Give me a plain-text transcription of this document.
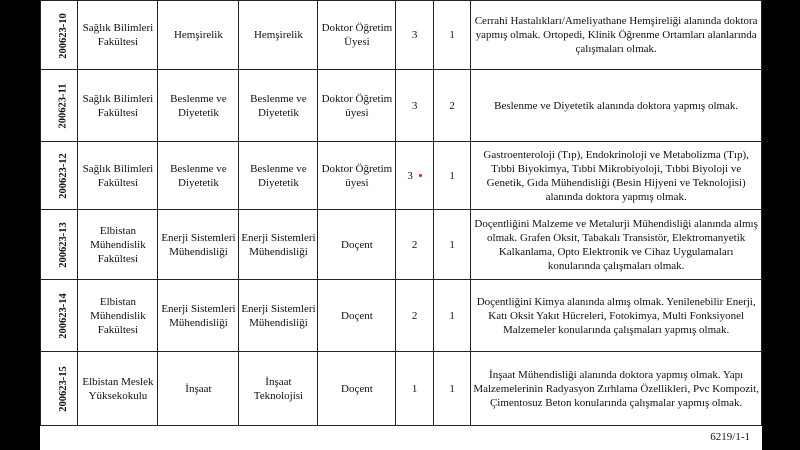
200623-10	Sağlık Bilimleri Fakültesi	Hemşirelik	Hemşirelik	Doktor Öğretim Üyesi	3	1	Cerrahi Hastalıkları/Ameliyathane Hemşireliği alanında doktora yapmış olmak. Ortopedi, Klinik Öğrenme Ortamları alanlarında çalışmaları olmak.
200623-11	Sağlık Bilimleri Fakültesi	Beslenme ve Diyetetik	Beslenme ve Diyetetik	Doktor Öğretim üyesi	3	2	Beslenme ve Diyetetik alanında doktora yapmış olmak.
200623-12	Sağlık Bilimleri Fakültesi	Beslenme ve Diyetetik	Beslenme ve Diyetetik	Doktor Öğretim üyesi	3	1	Gastroenteroloji (Tıp), Endokrinoloji ve Metabolizma (Tıp), Tıbbi Biyokimya, Tıbbi Mikrobiyoloji, Tıbbi Biyoloji ve Genetik, Gıda Mühendisliği (Besin Hijyeni ve Teknolojisi) alanında doktora yapmış olmak.
200623-13	Elbistan Mühendislik Fakültesi	Enerji Sistemleri Mühendisliği	Enerji Sistemleri Mühendisliği	Doçent	2	1	Doçentliğini Malzeme ve Metalurji Mühendisliği alanında almış olmak. Grafen Oksit, Tabakalı Transistör, Elektromanyetik Kalkanlama, Opto Elektronik ve Cihaz Uygulamaları konularında çalışmaları olmak.
200623-14	Elbistan Mühendislik Fakültesi	Enerji Sistemleri Mühendisliği	Enerji Sistemleri Mühendisliği	Doçent	2	1	Doçentliğini Kimya alanında almış olmak. Yenilenebilir Enerji, Katı Oksit Yakıt Hücreleri, Fotokimya, Multi Fonksiyonel Malzemeler konularında çalışmaları yapmış olmak.
200623-15	Elbistan Meslek Yüksekokulu	İnşaat	İnşaat Teknolojisi	Doçent	1	1	İnşaat Mühendisliği alanında doktora yapmış olmak. Yapı Malzemelerinin Radyasyon Zırhlama Özellikleri, Pvc Kompozit, Çimentosuz Beton konularında çalışmalar yapmış olmak.
6219/1-1
